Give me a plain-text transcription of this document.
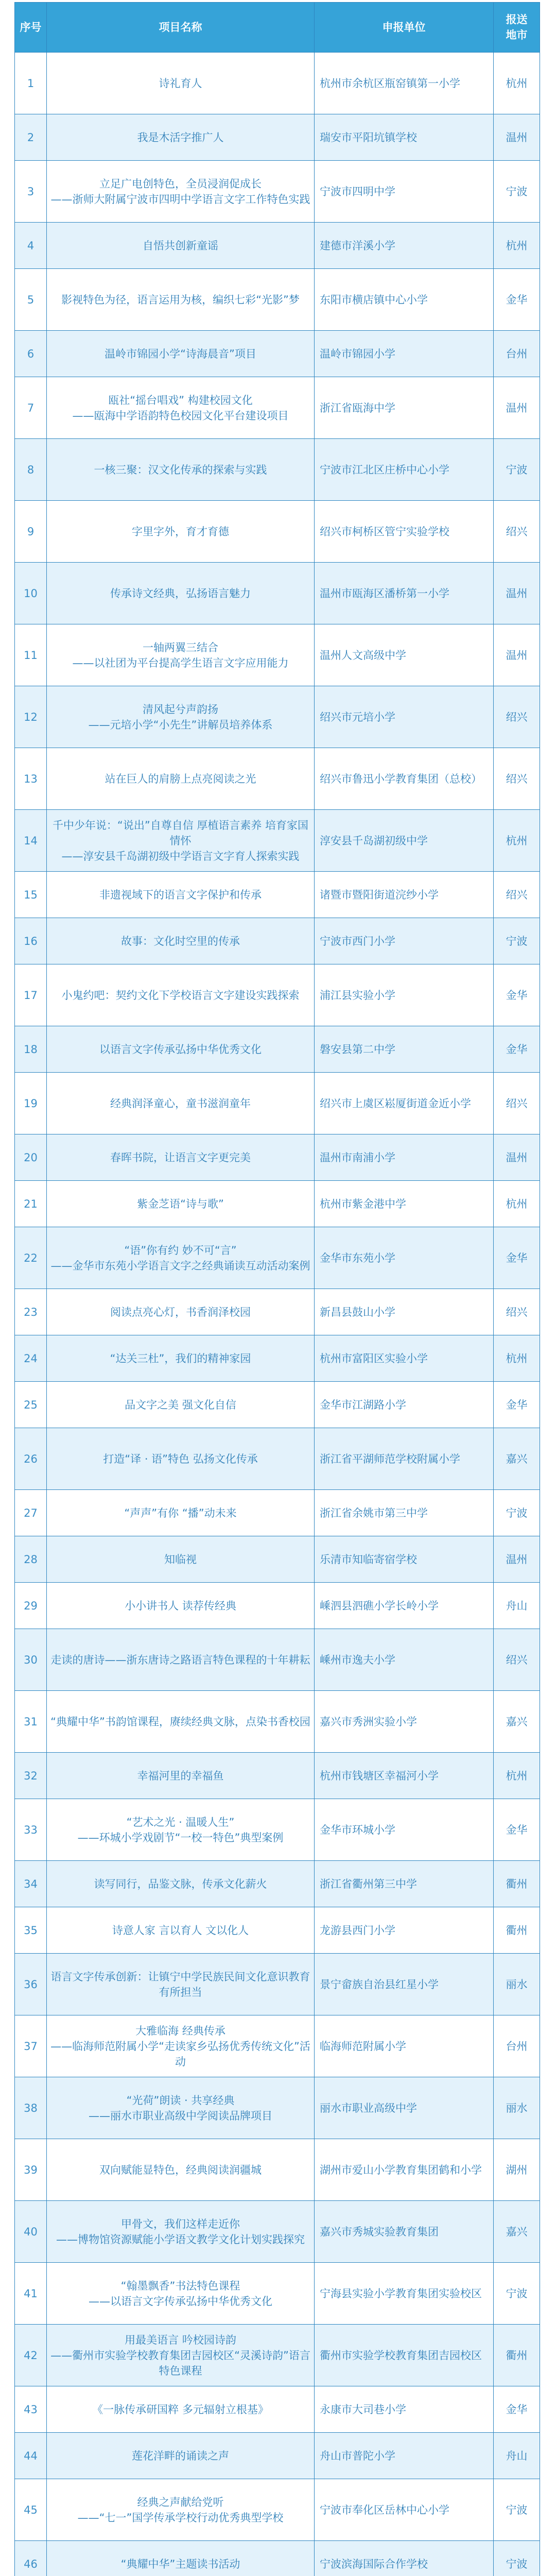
序号	项目名称	申报单位	报送地市
1	诗礼育人	杭州市余杭区瓶窑镇第一小学	杭州
2	我是木活字推广人	瑞安市平阳坑镇学校	温州
3	立足广电创特色，全员浸润促成长
——浙师大附属宁波市四明中学语言文字工作特色实践	宁波市四明中学	宁波
4	自悟共创新童谣	建德市洋溪小学	杭州
5	影视特色为径，语言运用为核，编织七彩“光影”梦	东阳市横店镇中心小学	金华
6	温岭市锦园小学“诗海晨音”项目	温岭市锦园小学	台州
7	瓯社“摇台唱戏” 构建校园文化
——瓯海中学语韵特色校园文化平台建设项目	浙江省瓯海中学	温州
8	一核三聚：汉文化传承的探索与实践	宁波市江北区庄桥中心小学	宁波
9	字里字外，育才育德	绍兴市柯桥区管宁实验学校	绍兴
10	传承诗文经典，弘扬语言魅力	温州市瓯海区潘桥第一小学	温州
11	一轴两翼三结合
——以社团为平台提高学生语言文字应用能力	温州人文高级中学	温州
12	清风起兮声韵扬
——元培小学“小先生”讲解员培养体系	绍兴市元培小学	绍兴
13	站在巨人的肩膀上点亮阅读之光	绍兴市鲁迅小学教育集团（总校）	绍兴
14	千中少年说：“说出”自尊自信 厚植语言素养 培育家国情怀
——淳安县千岛湖初级中学语言文字育人探索实践	淳安县千岛湖初级中学	杭州
15	非遗视域下的语言文字保护和传承	诸暨市暨阳街道浣纱小学	绍兴
16	故事：文化时空里的传承	宁波市西门小学	宁波
17	小鬼约吧：契约文化下学校语言文字建设实践探索	浦江县实验小学	金华
18	以语言文字传承弘扬中华优秀文化	磐安县第二中学	金华
19	经典润泽童心，童书滋润童年	绍兴市上虞区崧厦街道金近小学	绍兴
20	春晖书院，让语言文字更完美	温州市南浦小学	温州
21	紫金芝语“诗与歌”	杭州市紫金港中学	杭州
22	“语”你有约 妙不可“言”
——金华市东苑小学语言文字之经典诵读互动活动案例	金华市东苑小学	金华
23	阅读点亮心灯，书香润泽校园	新昌县鼓山小学	绍兴
24	“达关三杜”，我们的精神家园	杭州市富阳区实验小学	杭州
25	品文字之美 强文化自信	金华市江湖路小学	金华
26	打造“译 · 语”特色 弘扬文化传承	浙江省平湖师范学校附属小学	嘉兴
27	“声声”有你 “播”动未来	浙江省余姚市第三中学	宁波
28	知临视	乐清市知临寄宿学校	温州
29	小小讲书人 读荐传经典	嵊泗县泗礁小学长岭小学	舟山
30	走读的唐诗——浙东唐诗之路语言特色课程的十年耕耘	嵊州市逸夫小学	绍兴
31	“典耀中华”书韵馆课程，赓续经典文脉，点染书香校园	嘉兴市秀洲实验小学	嘉兴
32	幸福河里的幸福鱼	杭州市钱塘区幸福河小学	杭州
33	“艺术之光 · 温暖人生”
——环城小学戏剧节“一校一特色”典型案例	金华市环城小学	金华
34	读写同行，品鉴文脉，传承文化薪火	浙江省衢州第三中学	衢州
35	诗意人家 言以育人 文以化人	龙游县西门小学	衢州
36	语言文字传承创新：让镇宁中学民族民间文化意识教育有所担当	景宁畲族自治县红星小学	丽水
37	大雅临海 经典传承
——临海师范附属小学“走读家乡弘扬优秀传统文化”活动	临海师范附属小学	台州
38	“光荷”朗读 · 共享经典
——丽水市职业高级中学阅读品牌项目	丽水市职业高级中学	丽水
39	双向赋能显特色，经典阅读润疆城	湖州市爱山小学教育集团鹤和小学	湖州
40	甲骨文，我们这样走近你
——博物馆资源赋能小学语文教学文化计划实践探究	嘉兴市秀城实验教育集团	嘉兴
41	“翰墨飘香”书法特色课程
——以语言文字传承弘扬中华优秀文化	宁海县实验小学教育集团实验校区	宁波
42	用最美语言 吟校园诗韵
——衢州市实验学校教育集团吉园校区“灵溪诗韵”语言特色课程	衢州市实验学校教育集团吉园校区	衢州
43	《一脉传承研国粹 多元辐射立根基》	永康市大司巷小学	金华
44	莲花洋畔的诵读之声	舟山市普陀小学	舟山
45	经典之声献给党听
——“七一”国学传承学校行动优秀典型学校	宁波市奉化区岳林中心小学	宁波
46	“典耀中华”主题读书活动	宁波滨海国际合作学校	宁波
